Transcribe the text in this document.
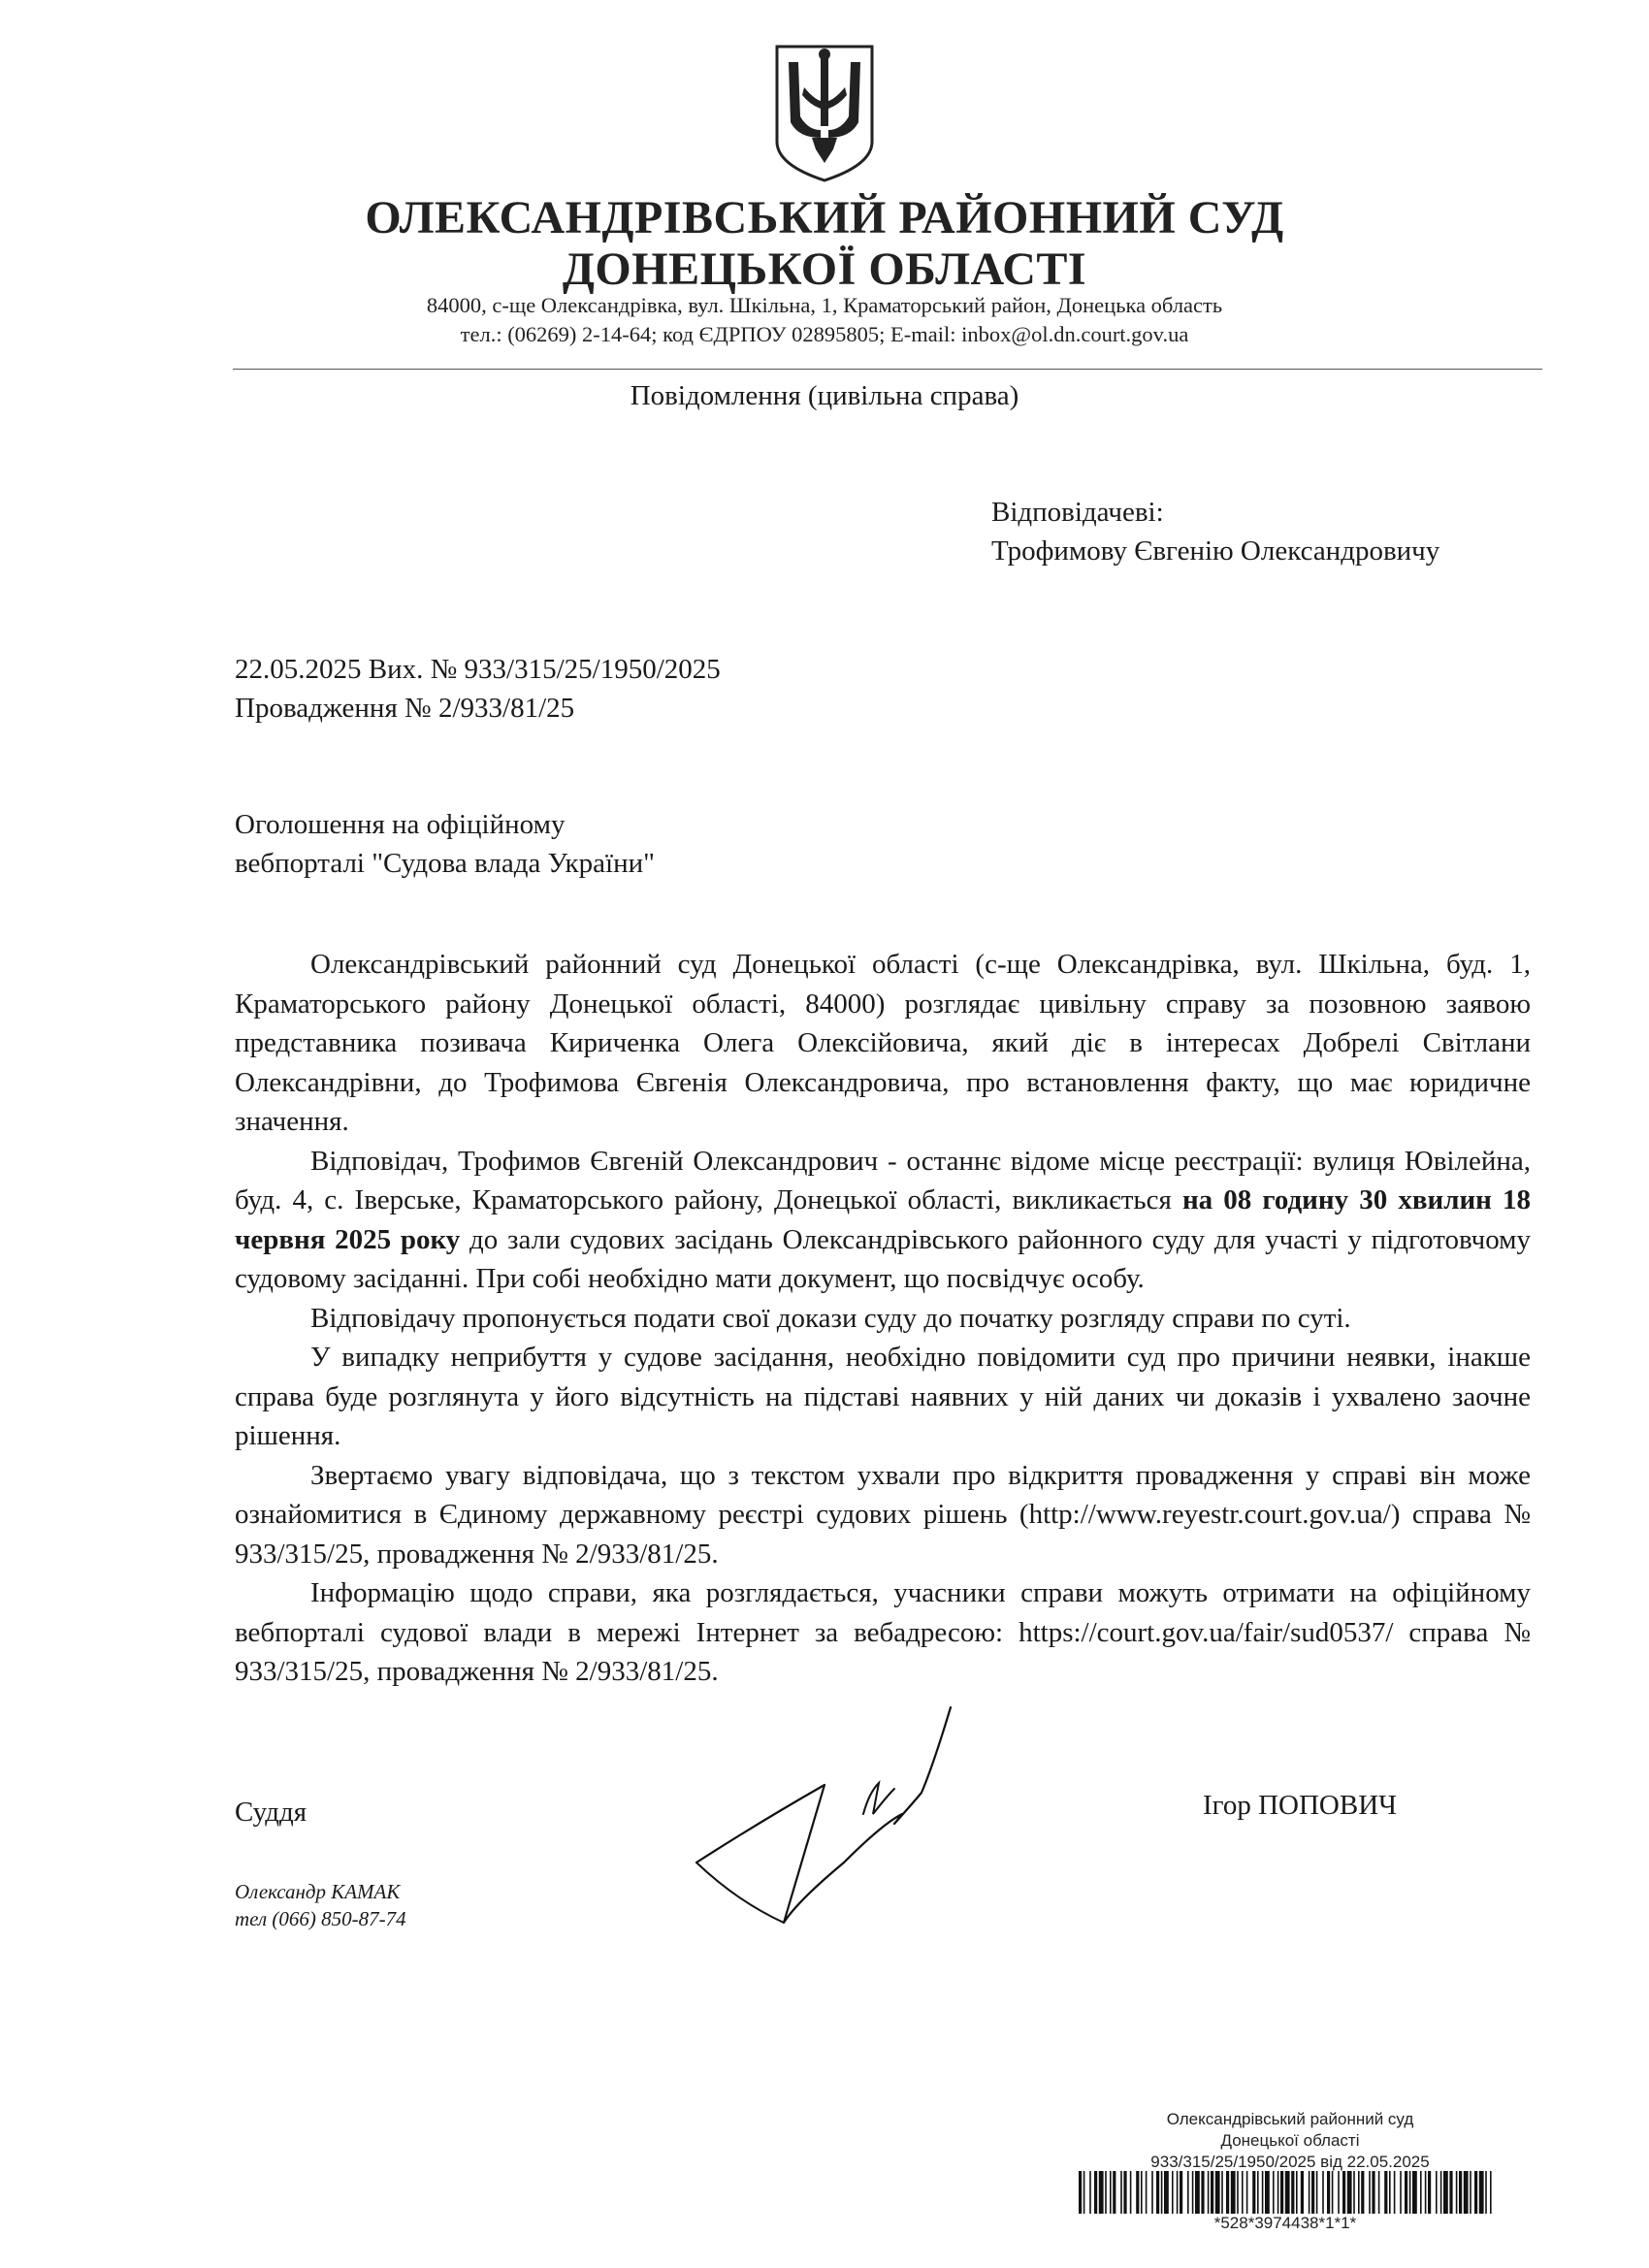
ОЛЕКСАНДРІВСЬКИЙ РАЙОННИЙ СУД
ДОНЕЦЬКОЇ ОБЛАСТІ
84000, с-ще Олександрівка, вул. Шкільна, 1, Краматорський район, Донецька область
тел.: (06269) 2-14-64; код ЄДРПОУ 02895805; E-mail: inbox@ol.dn.court.gov.ua
Повідомлення (цивільна справа)
Відповідачеві:
Трофимову Євгенію Олександровичу
22.05.2025 Вих. № 933/315/25/1950/2025
Провадження № 2/933/81/25
Оголошення на офіційному
вебпорталі "Судова влада України"

Олександрівський районний суд Донецької області (с-ще Олександрівка, вул. Шкільна, буд. 1, Краматорського району Донецької області, 84000) розглядає цивільну справу за позовною заявою представника позивача Кириченка Олега Олексійовича, який діє в інтересах Добрелі Світлани Олександрівни, до Трофимова Євгенія Олександровича, про встановлення факту, що має юридичне значення.

Відповідач, Трофимов Євгеній Олександрович - останнє відоме місце реєстрації: вулиця Ювілейна, буд. 4, с. Іверське, Краматорського району, Донецької області, викликається на 08 годину 30 хвилин 18 червня 2025 року до зали судових засідань Олександрівського районного суду для участі у підготовчому судовому засіданні. При собі необхідно мати документ, що посвідчує особу.

Відповідачу пропонується подати свої докази суду до початку розгляду справи по суті.

У випадку неприбуття у судове засідання, необхідно повідомити суд про причини неявки, інакше справа буде розглянута у його відсутність на підставі наявних у ній даних чи доказів і ухвалено заочне рішення.

Звертаємо увагу відповідача, що з текстом ухвали про відкриття провадження у справі він може ознайомитися в Єдиному державному реєстрі судових рішень (http://www.reyestr.court.gov.ua/) справа № 933/315/25, провадження № 2/933/81/25.

Інформацію щодо справи, яка розглядається, учасники справи можуть отримати на офіційному вебпорталі судової влади в мережі Інтернет за вебадресою: https://court.gov.ua/fair/sud0537/ справа № 933/315/25, провадження № 2/933/81/25.

Суддя	Ігор ПОПОВИЧ
Олександр КАМАК
тел (066) 850-87-74
Олександрівський районний суд
Донецької області
933/315/25/1950/2025 від 22.05.2025
*528*3974438*1*1*
